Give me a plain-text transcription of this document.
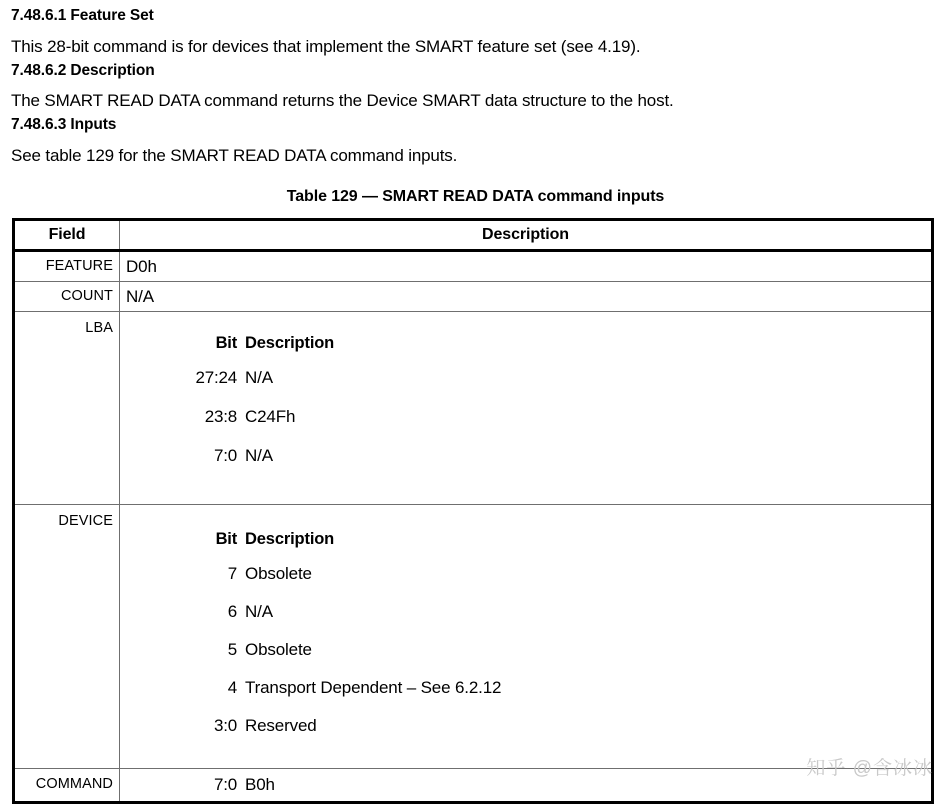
7.48.6.1 Feature Set

This 28-bit command is for devices that implement the SMART feature set (see 4.19).

7.48.6.2 Description

The SMART READ DATA command returns the Device SMART data structure to the host.

7.48.6.3 Inputs

See table 129 for the SMART READ DATA command inputs.

Table 129 — SMART READ DATA command inputs
Field	Description
FEATURE D0h
COUNT N/A
LBA
Bit Description
27:24 N/A
23:8 C24Fh
7:0 N/A
DEVICE
Bit Description
7 Obsolete
6 N/A
5 Obsolete
4 Transport Dependent – See 6.2.12
3:0 Reserved
COMMAND	7:0 B0h
知乎 @含冰冰
